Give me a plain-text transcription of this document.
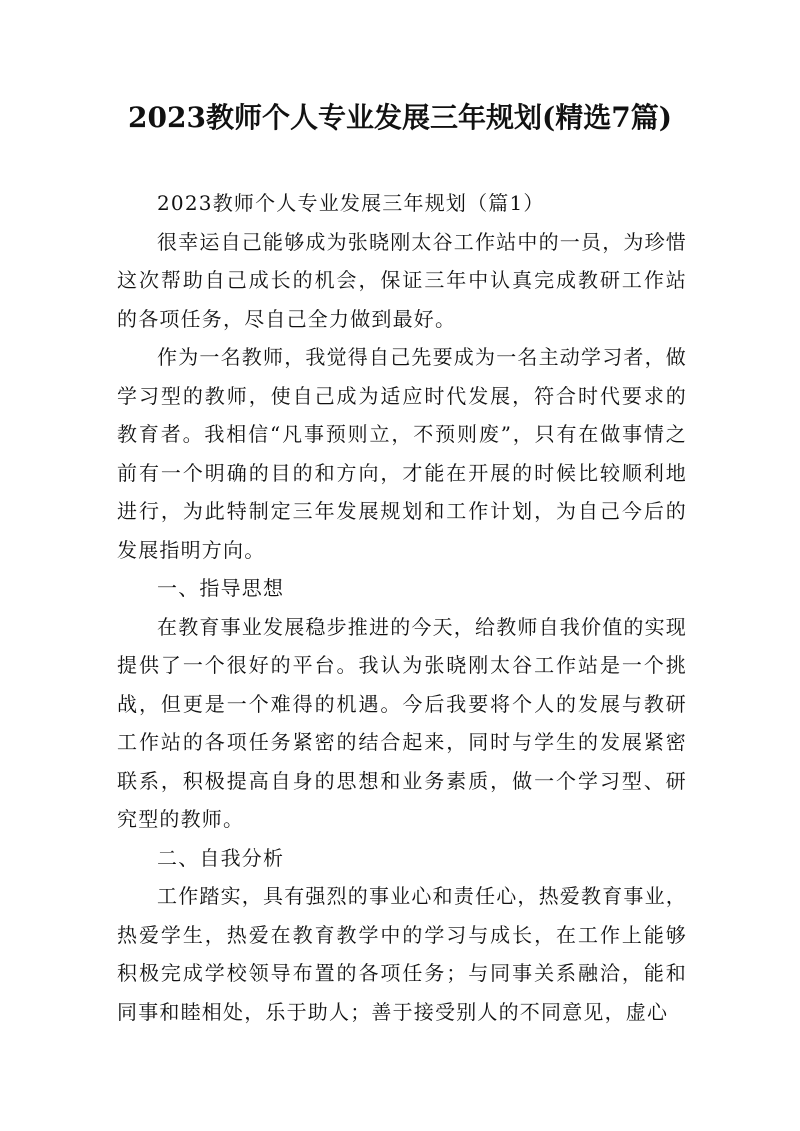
2023教师个人专业发展三年规划(精选7篇)

2023教师个人专业发展三年规划（篇1）

很幸运自己能够成为张晓刚太谷工作站中的一员，为珍惜这次帮助自己成长的机会，保证三年中认真完成教研工作站的各项任务，尽自己全力做到最好。

作为一名教师，我觉得自己先要成为一名主动学习者，做学习型的教师，使自己成为适应时代发展，符合时代要求的教育者。我相信“凡事预则立，不预则废”，只有在做事情之前有一个明确的目的和方向，才能在开展的时候比较顺利地进行，为此特制定三年发展规划和工作计划，为自己今后的发展指明方向。

一、指导思想

在教育事业发展稳步推进的今天，给教师自我价值的实现提供了一个很好的平台。我认为张晓刚太谷工作站是一个挑战，但更是一个难得的机遇。今后我要将个人的发展与教研工作站的各项任务紧密的结合起来，同时与学生的发展紧密联系，积极提高自身的思想和业务素质，做一个学习型、研究型的教师。

二、自我分析

工作踏实，具有强烈的事业心和责任心，热爱教育事业，热爱学生，热爱在教育教学中的学习与成长，在工作上能够积极完成学校领导布置的各项任务；与同事关系融洽，能和同事和睦相处，乐于助人；善于接受别人的不同意见，虚心
